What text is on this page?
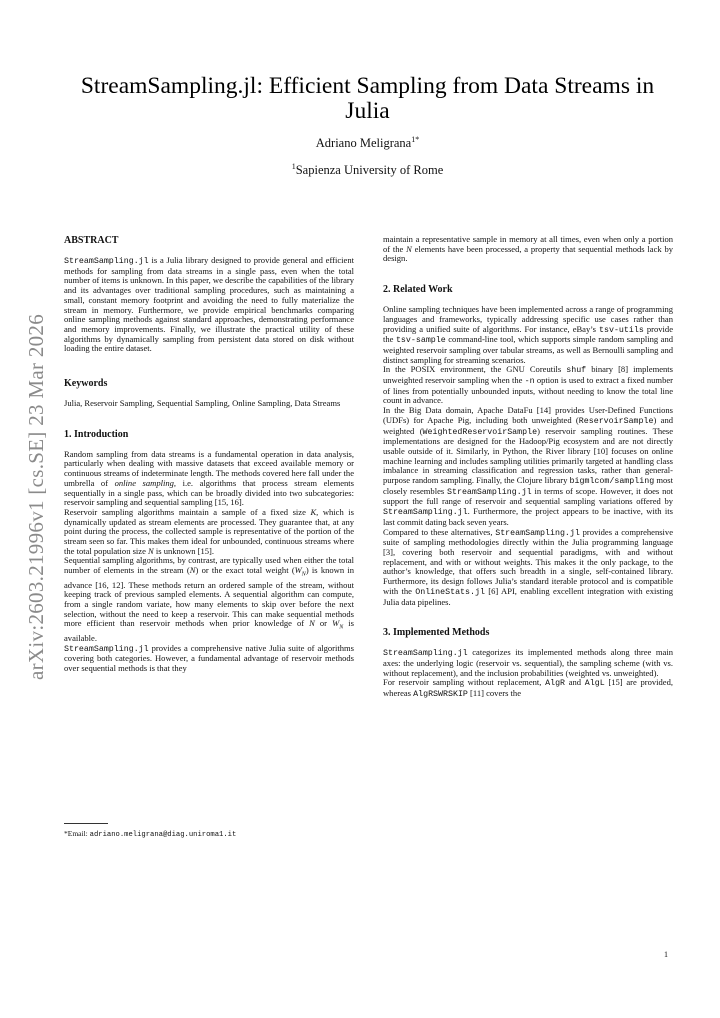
arXiv:2603.21996v1 [cs.SE] 23 Mar 2026
StreamSampling.jl: Efficient Sampling from Data Streams in Julia
Adriano Meligrana$^{1*}$
$^1$Sapienza University of Rome
ABSTRACT

StreamSampling.jl is a Julia library designed to provide general and efficient methods for sampling from data streams in a single pass, even when the total number of items is unknown. In this paper, we describe the capabilities of the library and its advantages over traditional sampling procedures, such as maintaining a small, constant memory footprint and avoiding the need to fully materialize the stream in memory. Furthermore, we provide empirical benchmarks comparing online sampling methods against standard approaches, demonstrating performance and memory improvements. Finally, we illustrate the practical utility of these algorithms by dynamically sampling from persistent data stored on disk without loading the entire dataset.

Keywords

Julia, Reservoir Sampling, Sequential Sampling, Online Sampling, Data Streams

1. Introduction

Random sampling from data streams is a fundamental operation in data analysis, particularly when dealing with massive datasets that exceed available memory or continuous streams of indeterminate length. The methods covered here fall under the umbrella of online sampling, i.e. algorithms that process stream elements sequentially in a single pass, which can be broadly divided into two subcategories: reservoir sampling and sequential sampling [15, 16].

Reservoir sampling algorithms maintain a sample of a fixed size K, which is dynamically updated as stream elements are processed. They guarantee that, at any point during the process, the collected sample is representative of the portion of the stream seen so far. This makes them ideal for unbounded, continuous streams where the total population size N is unknown [15].

Sequential sampling algorithms, by contrast, are typically used when either the total number of elements in the stream (N) or the exact total weight $(W_N)$ is known in advance [16, 12]. These methods return an ordered sample of the stream, without keeping track of previous sampled elements. A sequential algorithm can compute, from a single random variate, how many elements to skip over before the next selection, without the need to keep a reservoir. This can make sequential methods more efficient than reservoir methods when prior knowledge of N or $W_N$ is available.

StreamSampling.jl provides a comprehensive native Julia suite of algorithms covering both categories. However, a fundamental advantage of reservoir methods over sequential methods is that they

maintain a representative sample in memory at all times, even when only a portion of the N elements have been processed, a property that sequential methods lack by design.

2. Related Work

Online sampling techniques have been implemented across a range of programming languages and frameworks, typically addressing specific use cases rather than providing a unified suite of algorithms. For instance, eBay’s tsv-utils provide the tsv-sample command-line tool, which supports simple random sampling and weighted reservoir sampling over tabular streams, as well as Bernoulli sampling and distinct sampling for streaming scenarios.

In the POSIX environment, the GNU Coreutils shuf binary [8] implements unweighted reservoir sampling when the -n option is used to extract a fixed number of lines from potentially unbounded inputs, without needing to know the total line count in advance.

In the Big Data domain, Apache DataFu [14] provides User-Defined Functions (UDFs) for Apache Pig, including both unweighted (ReservoirSample) and weighted (WeightedReservoirSample) reservoir sampling routines. These implementations are designed for the Hadoop/Pig ecosystem and are not directly usable outside of it. Similarly, in Python, the River library [10] focuses on online machine learning and includes sampling utilities primarily targeted at handling class imbalance in streaming classification and regression tasks, rather than general-purpose random sampling. Finally, the Clojure library bigmlcom/sampling most closely resembles StreamSampling.jl in terms of scope. However, it does not support the full range of reservoir and sequential sampling variations offered by StreamSampling.jl. Furthermore, the project appears to be inactive, with its last commit dating back seven years.

Compared to these alternatives, StreamSampling.jl provides a comprehensive suite of sampling methodologies directly within the Julia programming language [3], covering both reservoir and sequential paradigms, with and without replacement, and with or without weights. This makes it the only package, to the author’s knowledge, that offers such breadth in a single, self-contained library. Furthermore, its design follows Julia’s standard iterable protocol and is compatible with the OnlineStats.jl [6] API, enabling excellent integration with existing Julia data pipelines.

3. Implemented Methods

StreamSampling.jl categorizes its implemented methods along three main axes: the underlying logic (reservoir vs. sequential), the sampling scheme (with vs. without replacement), and the inclusion probabilities (weighted vs. unweighted).

For reservoir sampling without replacement, AlgR and AlgL [15] are provided, whereas AlgRSWRSKIP [11] covers the

*Email: adriano.meligrana@diag.uniroma1.it
1
